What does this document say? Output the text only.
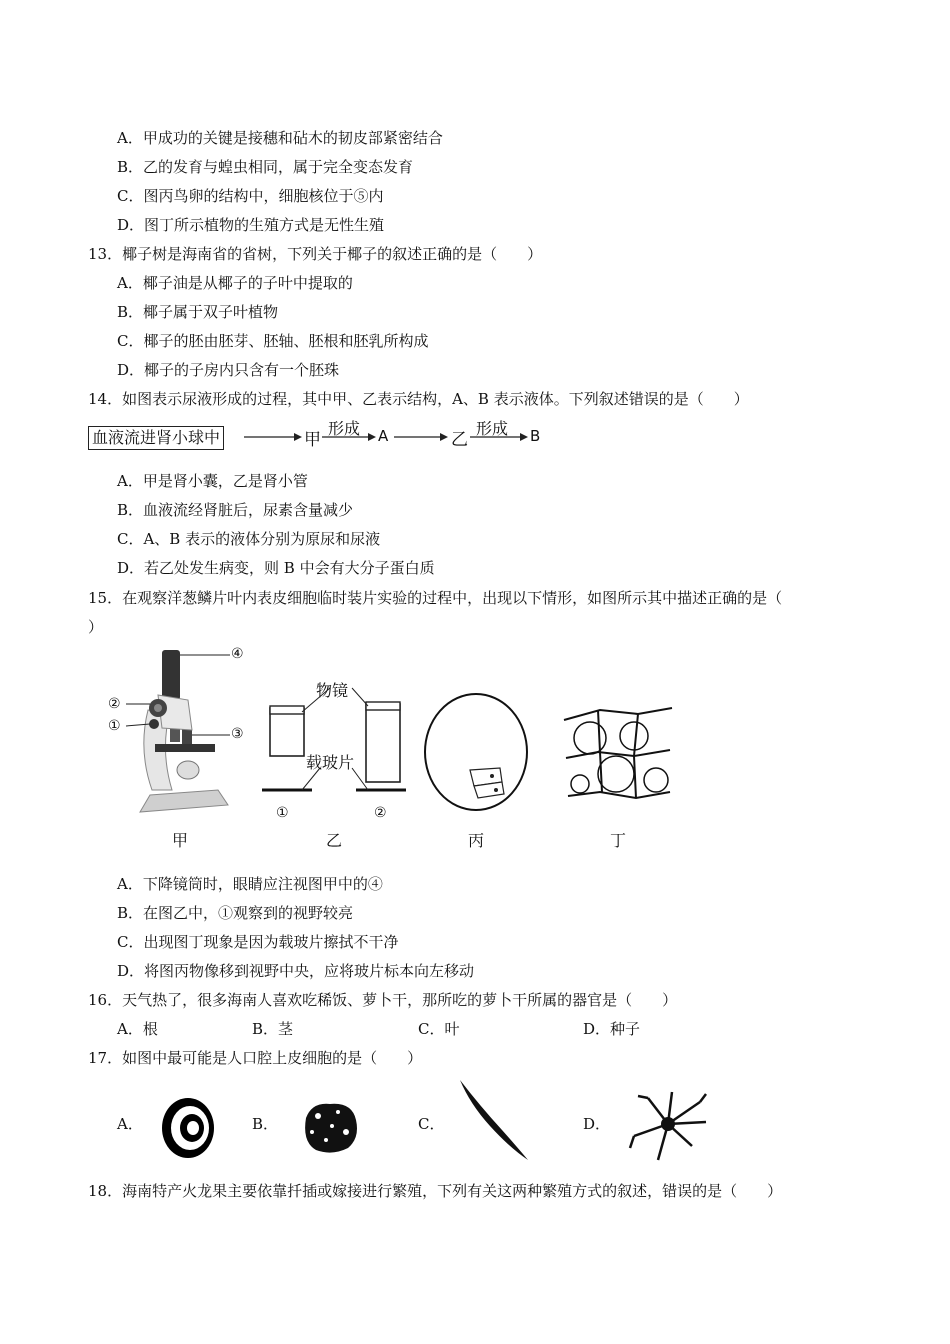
A．甲成功的关键是接穗和砧木的韧皮部紧密结合
B．乙的发育与蝗虫相同，属于完全变态发育
C．图丙鸟卵的结构中，细胞核位于⑤内
D．图丁所示植物的生殖方式是无性生殖
13．椰子树是海南省的省树，下列关于椰子的叙述正确的是（　　）
A．椰子油是从椰子的子叶中提取的
B．椰子属于双子叶植物
C．椰子的胚由胚芽、胚轴、胚根和胚乳所构成
D．椰子的子房内只含有一个胚珠
14．如图表示尿液形成的过程，其中甲、乙表示结构，A、B 表示液体。下列叙述错误的是（　　）
血液流进肾小球中	甲
形成 A	乙
形成 B
A．甲是肾小囊，乙是肾小管
B．血液流经肾脏后，尿素含量减少
C．A、B 表示的液体分别为原尿和尿液
D．若乙处发生病变，则 B 中会有大分子蛋白质
15．在观察洋葱鳞片叶内表皮细胞临时装片实验的过程中，出现以下情形，如图所示其中描述正确的是（
）
④
②
①	③
物镜
载玻片
①	②
甲	乙	丙	丁
A．下降镜筒时，眼睛应注视图甲中的④
B．在图乙中，①观察到的视野较亮
C．出现图丁现象是因为载玻片擦拭不干净
D．将图丙物像移到视野中央，应将玻片标本向左移动
16．天气热了，很多海南人喜欢吃稀饭、萝卜干，那所吃的萝卜干所属的器官是（　　）
A．根	B．茎	C．叶	D．种子
17．如图中最可能是人口腔上皮细胞的是（　　）
A．	B．	C．	D．
18．海南特产火龙果主要依靠扦插或嫁接进行繁殖，下列有关这两种繁殖方式的叙述，错误的是（　　）
